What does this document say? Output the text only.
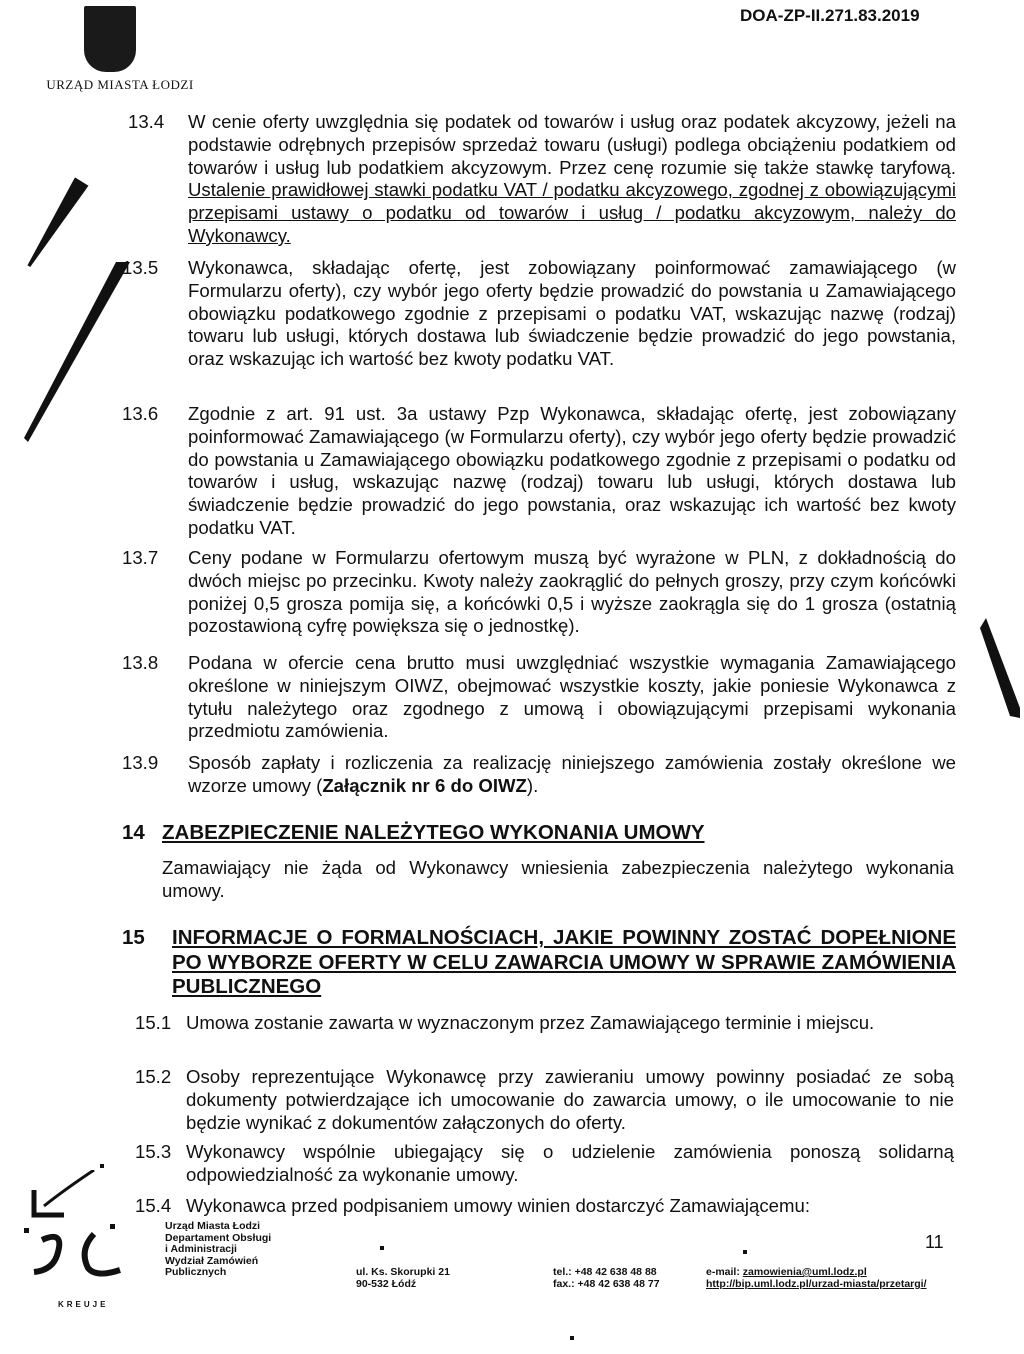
URZĄD MIASTA ŁODZI
DOA-ZP-II.271.83.2019
13.4 W cenie oferty uwzględnia się podatek od towarów i usług oraz podatek akcyzowy, jeżeli na podstawie odrębnych przepisów sprzedaż towaru (usługi) podlega obciążeniu podatkiem od towarów i usług lub podatkiem akcyzowym. Przez cenę rozumie się także stawkę taryfową. Ustalenie prawidłowej stawki podatku VAT / podatku akcyzowego, zgodnej z obowiązującymi przepisami ustawy o podatku od towarów i usług / podatku akcyzowym, należy do Wykonawcy.

13.5 Wykonawca, składając ofertę, jest zobowiązany poinformować zamawiającego (w Formularzu oferty), czy wybór jego oferty będzie prowadzić do powstania u Zamawiającego obowiązku podatkowego zgodnie z przepisami o podatku VAT, wskazując nazwę (rodzaj) towaru lub usługi, których dostawa lub świadczenie będzie prowadzić do jego powstania, oraz wskazując ich wartość bez kwoty podatku VAT.

13.6 Zgodnie z art. 91 ust. 3a ustawy Pzp Wykonawca, składając ofertę, jest zobowiązany poinformować Zamawiającego (w Formularzu oferty), czy wybór jego oferty będzie prowadzić do powstania u Zamawiającego obowiązku podatkowego zgodnie z przepisami o podatku od towarów i usług, wskazując nazwę (rodzaj) towaru lub usługi, których dostawa lub świadczenie będzie prowadzić do jego powstania, oraz wskazując ich wartość bez kwoty podatku VAT.

13.7 Ceny podane w Formularzu ofertowym muszą być wyrażone w PLN, z dokładnością do dwóch miejsc po przecinku. Kwoty należy zaokrąglić do pełnych groszy, przy czym końcówki poniżej 0,5 grosza pomija się, a końcówki 0,5 i wyższe zaokrągla się do 1 grosza (ostatnią pozostawioną cyfrę powiększa się o jednostkę).

13.8 Podana w ofercie cena brutto musi uwzględniać wszystkie wymagania Zamawiającego określone w niniejszym OIWZ, obejmować wszystkie koszty, jakie poniesie Wykonawca z tytułu należytego oraz zgodnego z umową i obowiązującymi przepisami wykonania przedmiotu zamówienia.

13.9 Sposób zapłaty i rozliczenia za realizację niniejszego zamówienia zostały określone we wzorze umowy (Załącznik nr 6 do OIWZ).

14 ZABEZPIECZENIE NALEŻYTEGO WYKONANIA UMOWY

Zamawiający nie żąda od Wykonawcy wniesienia zabezpieczenia należytego wykonania umowy.

15 INFORMACJE O FORMALNOŚCIACH, JAKIE POWINNY ZOSTAĆ DOPEŁNIONE PO WYBORZE OFERTY W CELU ZAWARCIA UMOWY W SPRAWIE ZAMÓWIENIA PUBLICZNEGO
15.1 Umowa zostanie zawarta w wyznaczonym przez Zamawiającego terminie i miejscu.

15.2 Osoby reprezentujące Wykonawcę przy zawieraniu umowy powinny posiadać ze sobą dokumenty potwierdzające ich umocowanie do zawarcia umowy, o ile umocowanie to nie będzie wynikać z dokumentów załączonych do oferty.

15.3 Wykonawcy wspólnie ubiegający się o udzielenie zamówienia ponoszą solidarną odpowiedzialność za wykonanie umowy.

15.4 Wykonawca przed podpisaniem umowy winien dostarczyć Zamawiającemu:

KREUJE
Urząd Miasta Łodzi
Departament Obsługi
i Administracji
Wydział Zamówień
Publicznych	ul. Ks. Skorupki 21
90-532 Łódź
tel.: +48 42 638 48 88
fax.: +48 42 638 48 77
e-mail: zamowienia@uml.lodz.pl
http://bip.uml.lodz.pl/urzad-miasta/przetargi/
11
